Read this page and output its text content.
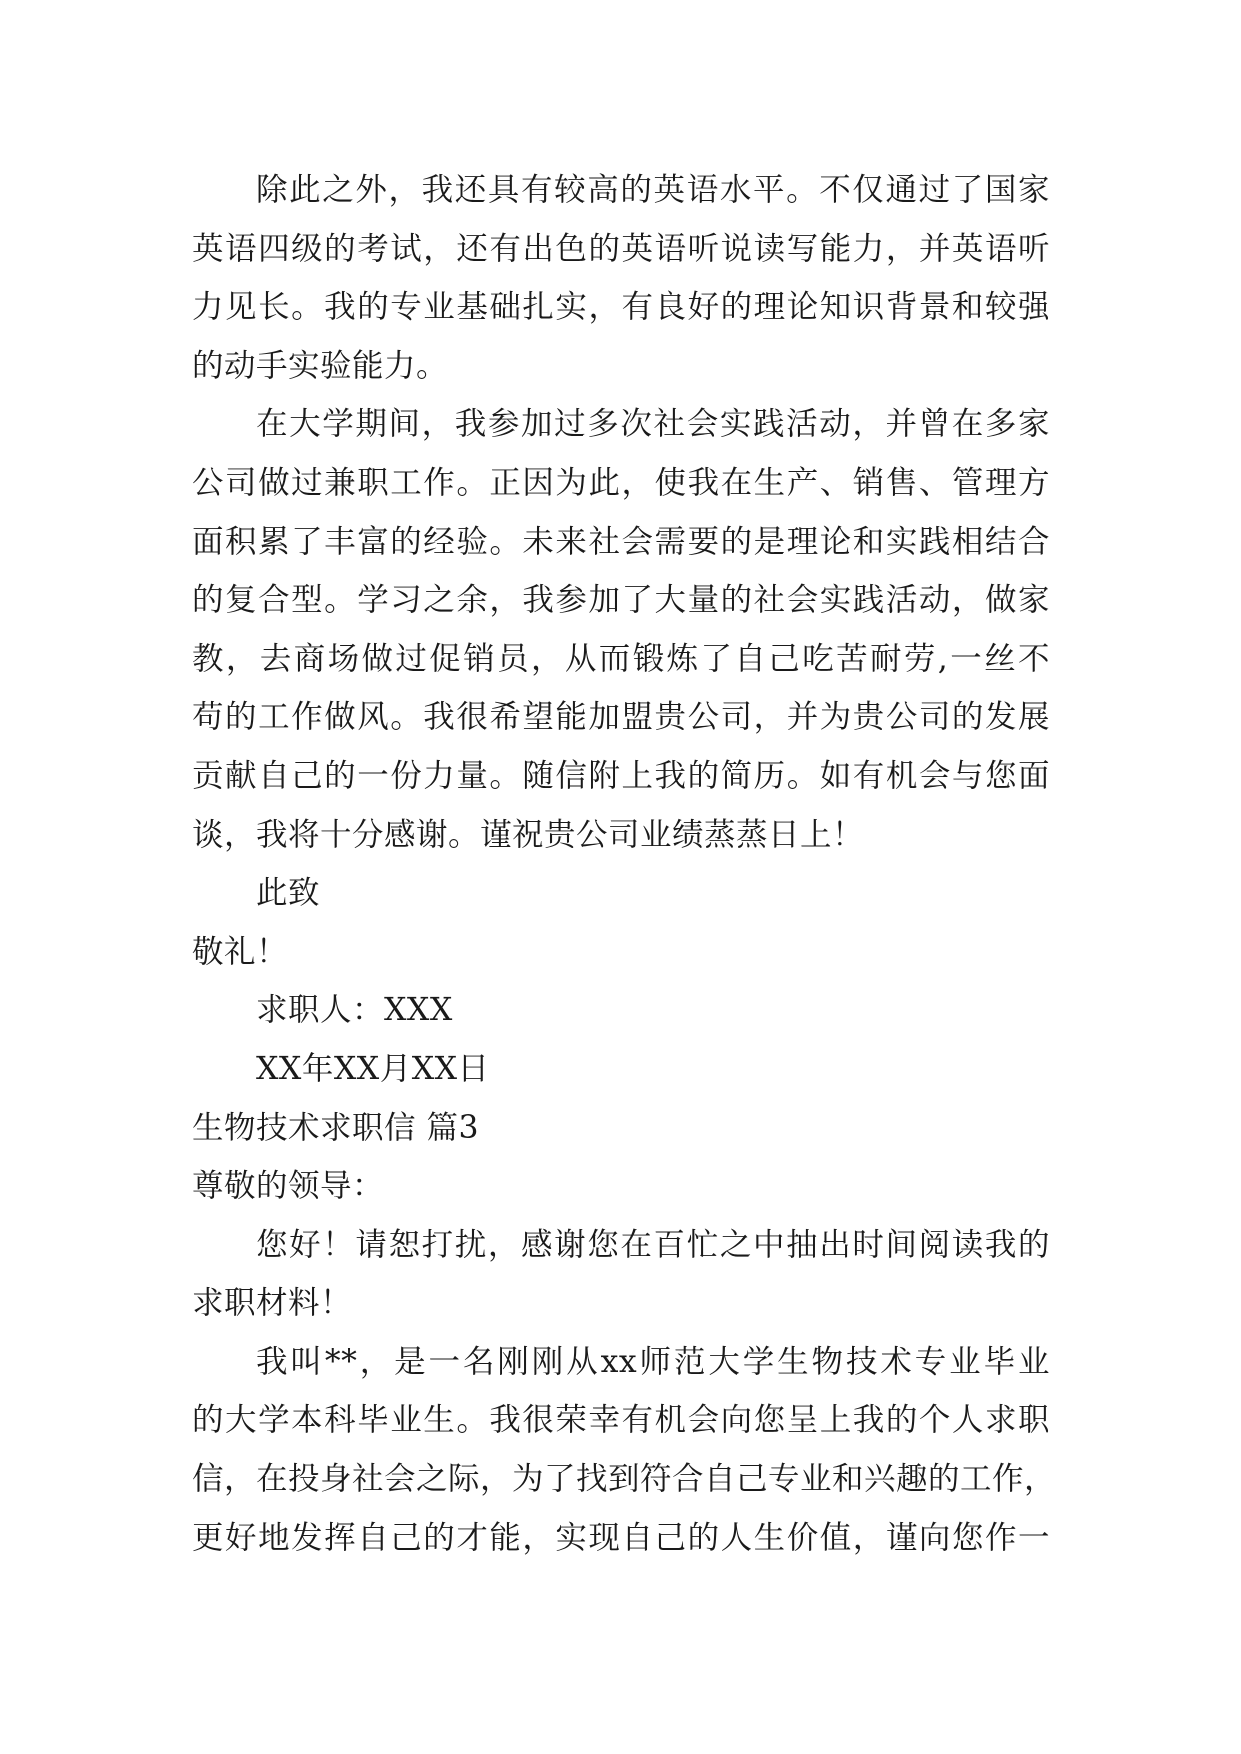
除此之外，我还具有较高的英语水平。不仅通过了国家
英语四级的考试，还有出色的英语听说读写能力，并英语听
力见长。我的专业基础扎实，有良好的理论知识背景和较强
的动手实验能力。
在大学期间，我参加过多次社会实践活动，并曾在多家
公司做过兼职工作。正因为此，使我在生产、销售、管理方
面积累了丰富的经验。未来社会需要的是理论和实践相结合
的复合型。学习之余，我参加了大量的社会实践活动，做家
教，去商场做过促销员，从而锻炼了自己吃苦耐劳,一丝不
苟的工作做风。我很希望能加盟贵公司，并为贵公司的发展
贡献自己的一份力量。随信附上我的简历。如有机会与您面
谈，我将十分感谢。谨祝贵公司业绩蒸蒸日上！
此致
敬礼！
求职人：XXX
XX年XX月XX日
生物技术求职信 篇3
尊敬的领导：
您好！请恕打扰，感谢您在百忙之中抽出时间阅读我的
求职材料！
我叫**，是一名刚刚从xx师范大学生物技术专业毕业
的大学本科毕业生。我很荣幸有机会向您呈上我的个人求职
信，在投身社会之际，为了找到符合自己专业和兴趣的工作，
更好地发挥自己的才能，实现自己的人生价值，谨向您作一
